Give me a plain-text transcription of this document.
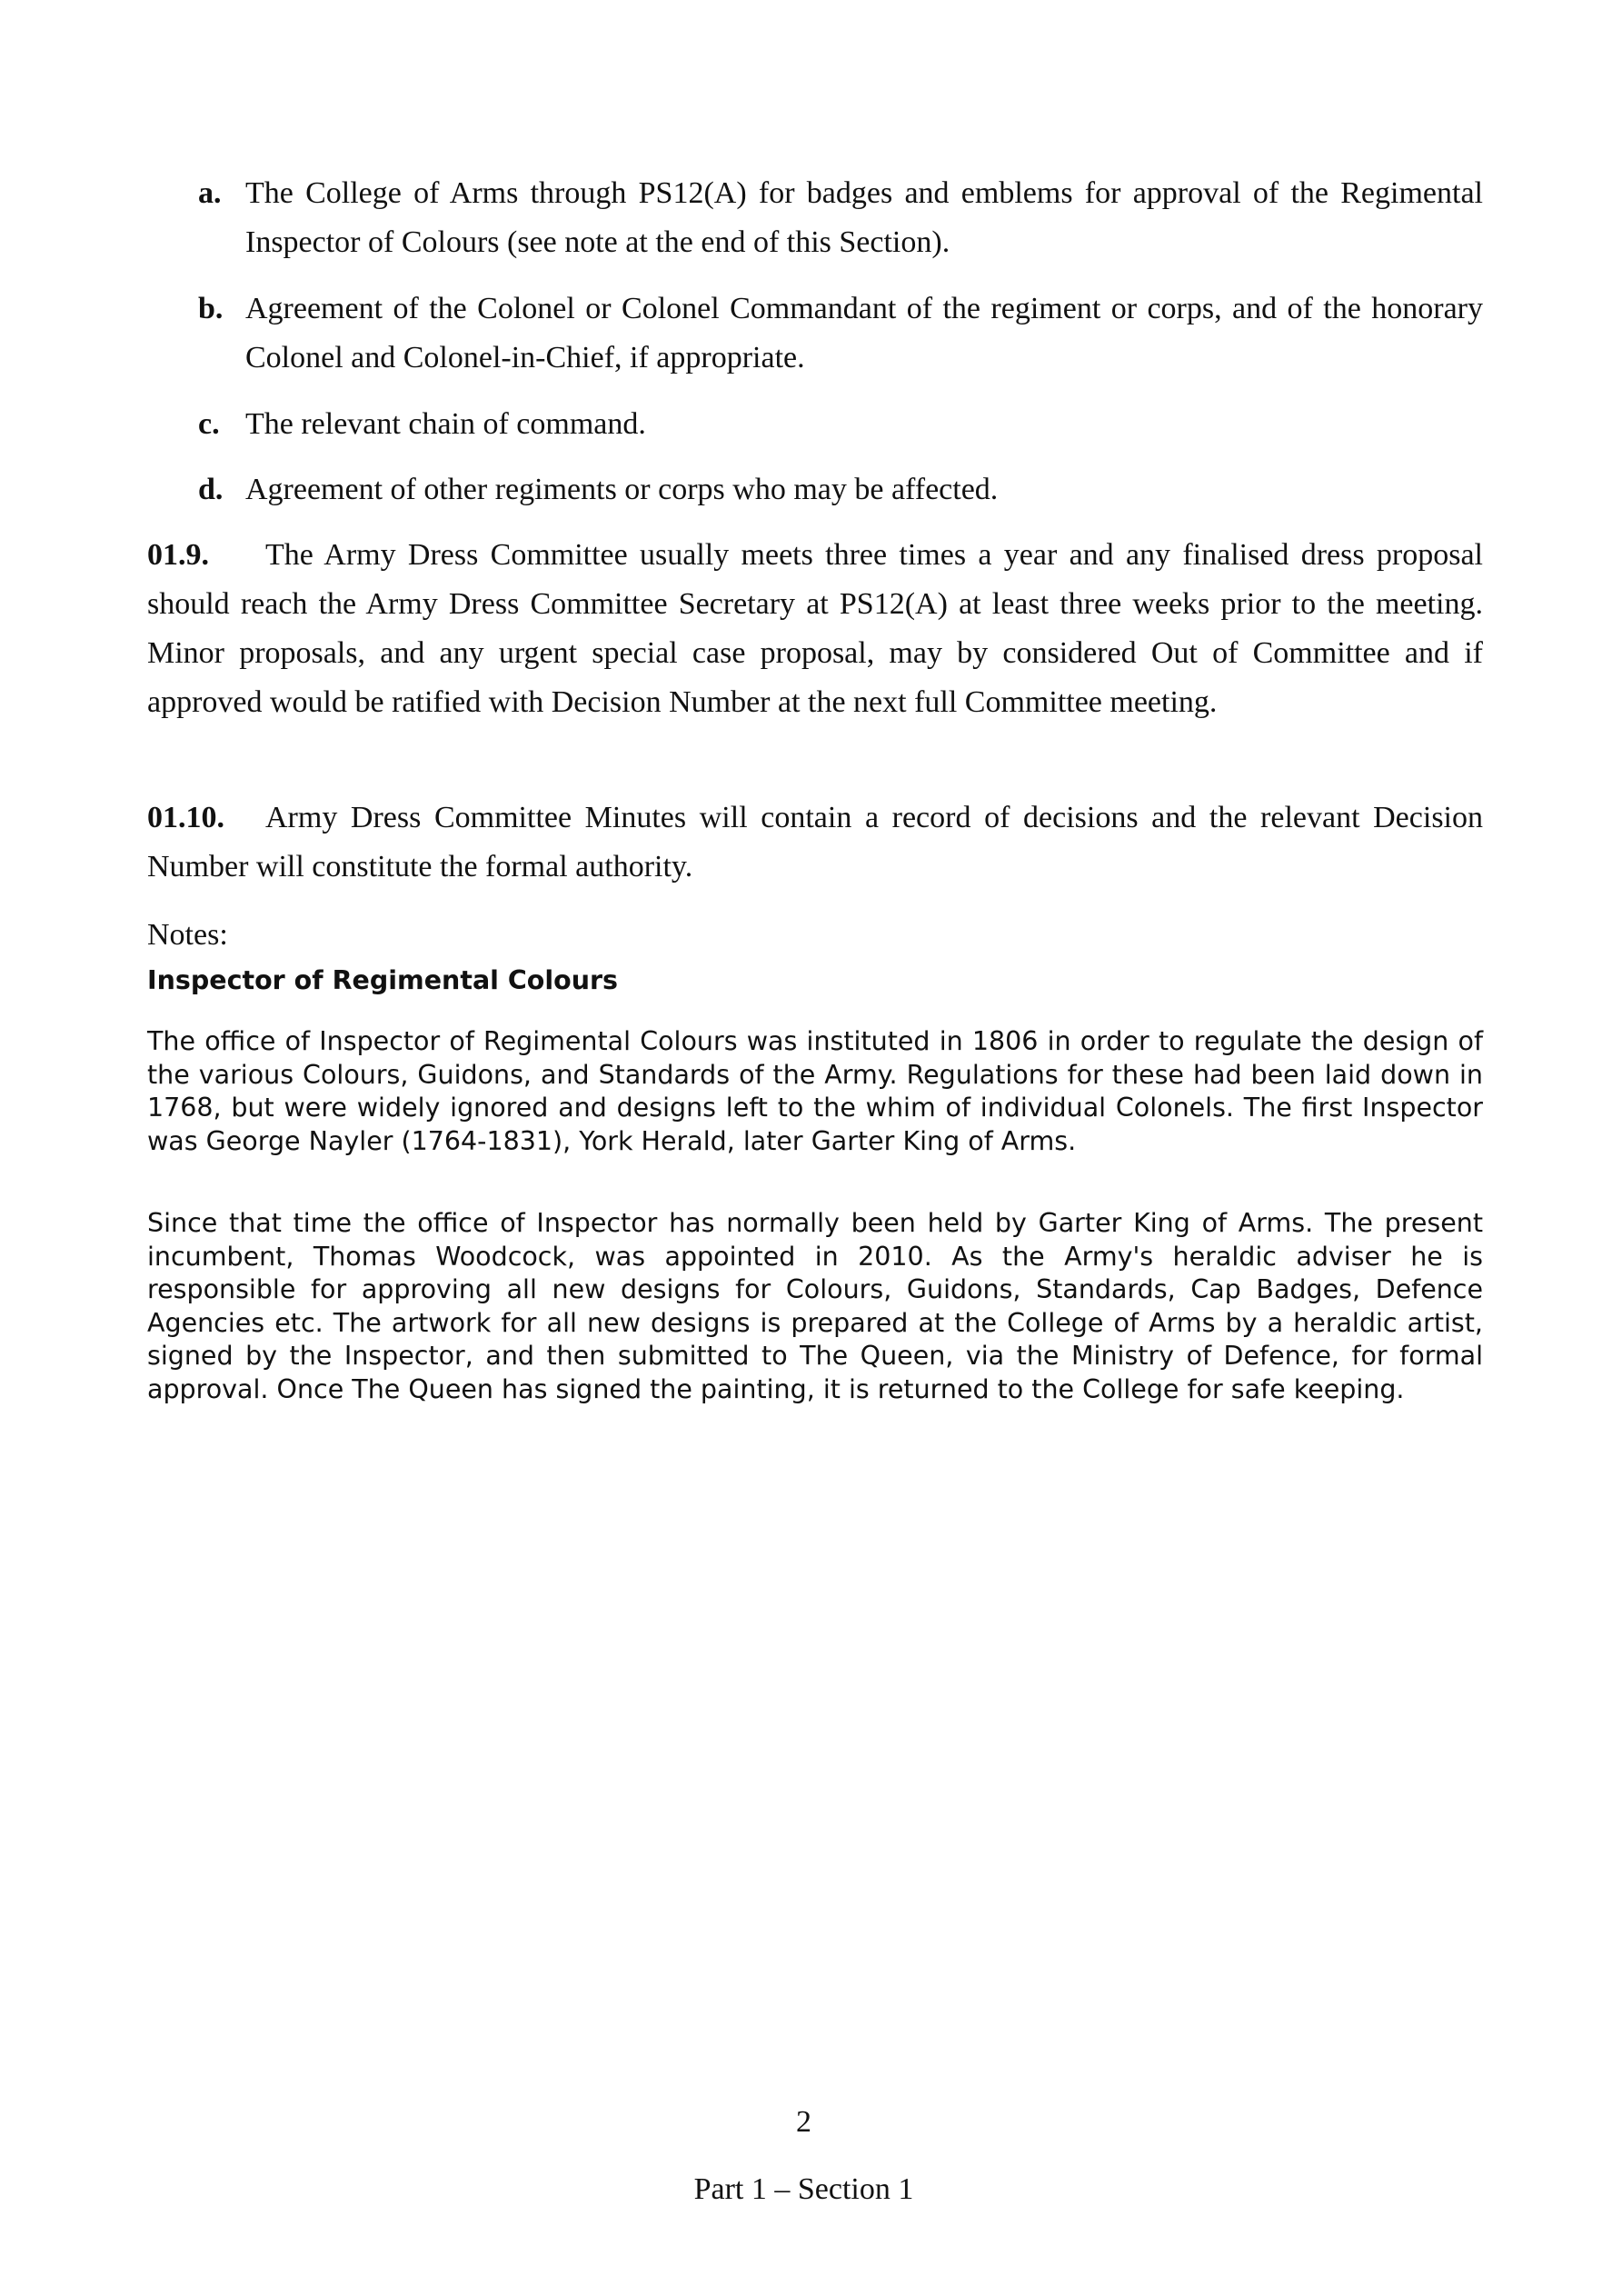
a. The College of Arms through PS12(A) for badges and emblems for approval of the Regimental Inspector of Colours (see note at the end of this Section).
b. Agreement of the Colonel or Colonel Commandant of the regiment or corps, and of the honorary Colonel and Colonel-in-Chief, if appropriate.
c. The relevant chain of command.
d. Agreement of other regiments or corps who may be affected.
01.9. The Army Dress Committee usually meets three times a year and any finalised dress proposal should reach the Army Dress Committee Secretary at PS12(A) at least three weeks prior to the meeting. Minor proposals, and any urgent special case proposal, may by considered Out of Committee and if approved would be ratified with Decision Number at the next full Committee meeting.
01.10. Army Dress Committee Minutes will contain a record of decisions and the relevant Decision Number will constitute the formal authority.
Notes:
Inspector of Regimental Colours
The office of Inspector of Regimental Colours was instituted in 1806 in order to regulate the design of the various Colours, Guidons, and Standards of the Army. Regulations for these had been laid down in 1768, but were widely ignored and designs left to the whim of individual Colonels. The first Inspector was George Nayler (1764-1831), York Herald, later Garter King of Arms.
Since that time the office of Inspector has normally been held by Garter King of Arms. The present incumbent, Thomas Woodcock, was appointed in 2010. As the Army's heraldic adviser he is responsible for approving all new designs for Colours, Guidons, Standards, Cap Badges, Defence Agencies etc. The artwork for all new designs is prepared at the College of Arms by a heraldic artist, signed by the Inspector, and then submitted to The Queen, via the Ministry of Defence, for formal approval. Once The Queen has signed the painting, it is returned to the College for safe keeping.
2
Part 1 – Section 1
